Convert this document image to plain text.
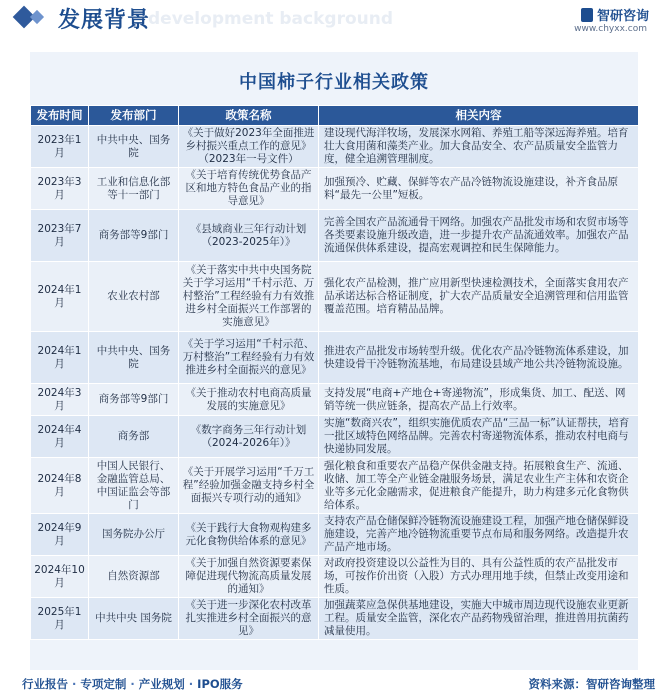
发展背景
development background	智研咨询
www.chyxx.com
中国柿子行业相关政策
发布时间	发布部门	政策名称	相关内容
2023年1月	中共中央、国务院	《关于做好2023年全面推进乡村振兴重点工作的意见》（2023年一号文件）	建设现代海洋牧场，发展深水网箱、养殖工船等深远海养殖。培育壮大食用菌和藻类产业。加大食品安全、农产品质量安全监管力度，健全追溯管理制度。
2023年3月	工业和信息化部等十一部门	《关于培育传统优势食品产区和地方特色食品产业的指导意见》	加强预冷、贮藏、保鲜等农产品冷链物流设施建设，补齐食品原料“最先一公里”短板。
2023年7月	商务部等9部门	《县域商业三年行动计划（2023-2025年）》	完善全国农产品流通骨干网络。加强农产品批发市场和农贸市场等各类要素设施升级改造，进一步提升农产品流通效率。加强农产品流通保供体系建设，提高宏观调控和民生保障能力。
2024年1月	农业农村部	《关于落实中共中央国务院关于学习运用“千村示范、万村整治”工程经验有力有效推进乡村全面振兴工作部署的实施意见》	强化农产品检测，推广应用新型快速检测技术，全面落实食用农产品承诺达标合格证制度，扩大农产品质量安全追溯管理和信用监管覆盖范围。培育精品品牌。
2024年1月	中共中央、国务院	《关于学习运用“千村示范、万村整治”工程经验有力有效推进乡村全面振兴的意见》	推进农产品批发市场转型升级。优化农产品冷链物流体系建设，加快建设骨干冷链物流基地，布局建设县域产地公共冷链物流设施。
2024年3月	商务部等9部门	《关于推动农村电商高质量发展的实施意见》	支持发展“电商+产地仓+寄递物流”，形成集货、加工、配送、网销等统一供应链条，提高农产品上行效率。
2024年4月	商务部	《数字商务三年行动计划（2024-2026年）》	实施“数商兴农”，组织实施优质农产品“三品一标”认证帮扶，培育一批区域特色网络品牌。完善农村寄递物流体系，推动农村电商与快递协同发展。
2024年8月	中国人民银行、金融监管总局、中国证监会等部门	《关于开展学习运用“千万工程”经验加强金融支持乡村全面振兴专项行动的通知》	强化粮食和重要农产品稳产保供金融支持。拓展粮食生产、流通、收储、加工等全产业链金融服务场景，满足农业生产主体和农资企业等多元化金融需求，促进粮食产能提升，助力构建多元化食物供给体系。
2024年9月	国务院办公厅	《关于践行大食物观构建多元化食物供给体系的意见》	支持农产品仓储保鲜冷链物流设施建设工程，加强产地仓储保鲜设施建设，完善产地冷链物流重要节点布局和服务网络。改造提升农产品产地市场。
2024年10月	自然资源部	《关于加强自然资源要素保障促进现代物流高质量发展的通知》	对政府投资建设以公益性为目的、具有公益性质的农产品批发市场，可按作价出资（入股）方式办理用地手续，但禁止改变用途和性质。
2025年1月	中共中央 国务院	《关于进一步深化农村改革 扎实推进乡村全面振兴的意见》	加强蔬菜应急保供基地建设，实施大中城市周边现代设施农业更新工程。质量安全监管，深化农产品药物残留治理，推进兽用抗菌药减量使用。
行业报告 · 专项定制 · 产业规划 · IPO服务	资料来源：智研咨询整理
